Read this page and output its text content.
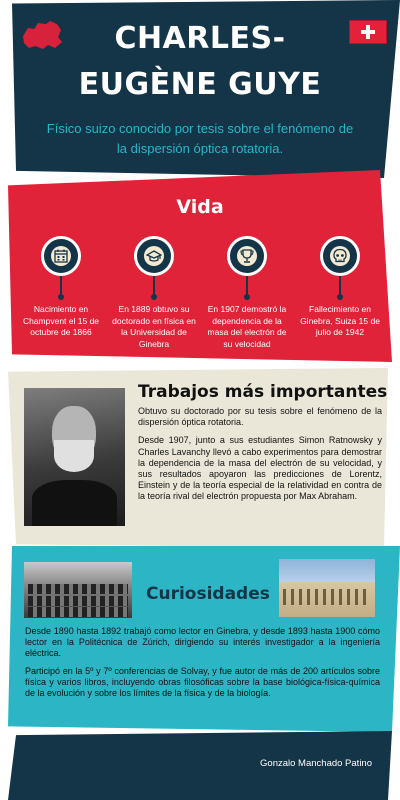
CHARLES-EUGÈNE GUYE

Físico suizo conocido por tesis sobre el fenómeno de la dispersión óptica rotatoria.

Vida
Nacimiento en Champvent el 15 de octubre de 1866
En 1889 obtuvo su doctorado en física en la Universidad de Ginebra
En 1907 demostró la dependencia de la masa del electrón de su velocidad
Fallecimiento en Ginebra, Suiza 15 de julio de 1942
Trabajos más importantes

Obtuvo su doctorado por su tesis sobre el fenómeno de la dispersión óptica rotatoria.

Desde 1907, junto a sus estudiantes Simon Ratnowsky y Charles Lavanchy llevó a cabo experimentos para demostrar la dependencia de la masa del electrón de su velocidad, y sus resultados apoyaron las predicciones de Lorentz, Einstein y de la teoría especial de la relatividad en contra de la teoría rival del electrón propuesta por Max Abraham.

Curiosidades

Desde 1890 hasta 1892 trabajó como lector en Ginebra, y desde 1893 hasta 1900 cómo lector en la Politécnica de Zúrich, dirigiendo su interés investigador a la ingeniería eléctrica.

Participó en la 5º y 7º conferencias de Solvay, y fue autor de más de 200 artículos sobre física y varios libros, incluyendo obras filosóficas sobre la base biológica-física-química de la evolución y sobre los límites de la física y de la biología.

Gonzalo Manchado Patino
